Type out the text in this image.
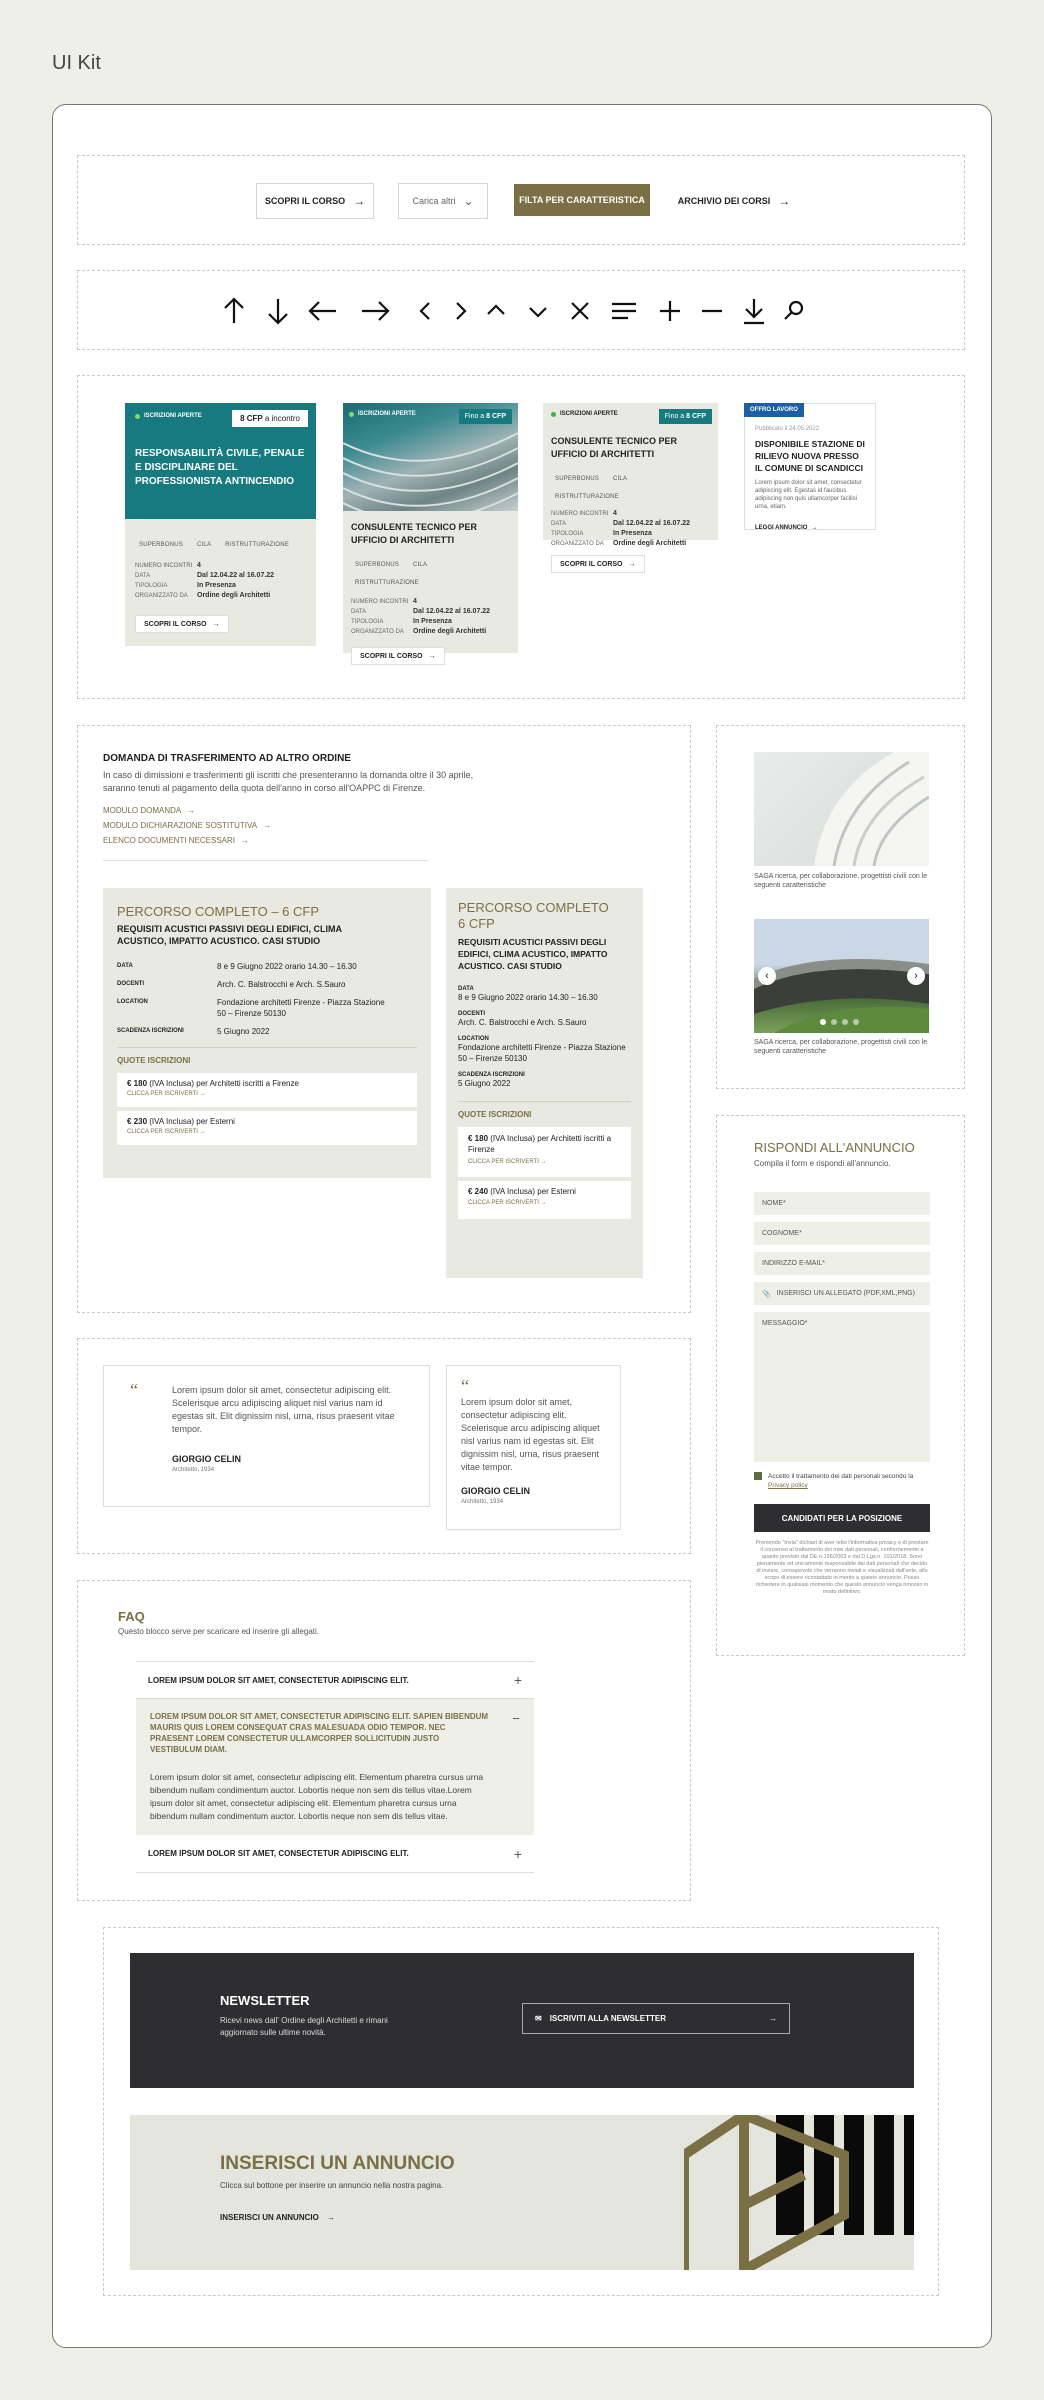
UI Kit
SCOPRI IL CORSO →	Carica altri ⌄	FILTA PER CARATTERISTICA	ARCHIVIO DEI CORSI →
ISCRIZIONI APERTE	8 CFP a incontro
RESPONSABILITÀ CIVILE, PENALE E DISCIPLINARE DEL PROFESSIONISTA ANTINCENDIO
SUPERBONUS CILA RISTRUTTURAZIONE
NUMERO INCONTRI 4
DATA	Dal 12.04.22 al 16.07.22
TIPOLOGIA	In Presenza
ORGANIZZATO DA	Ordine degli Architetti
SCOPRI IL CORSO →
ISCRIZIONI APERTE	Fino a 8 CFP
CONSULENTE TECNICO PER UFFICIO DI ARCHITETTI
SUPERBONUS CILARISTRUTTURAZIONE
NUMERO INCONTRI 4
DATA	Dal 12.04.22 al 16.07.22
TIPOLOGIA	In Presenza
ORGANIZZATO DA	Ordine degli Architetti
SCOPRI IL CORSO →
ISCRIZIONI APERTE	Fino a 8 CFP
CONSULENTE TECNICO PER UFFICIO DI ARCHITETTI
SUPERBONUS CILARISTRUTTURAZIONE
NUMERO INCONTRI 4
DATA	Dal 12.04.22 al 16.07.22
TIPOLOGIA	In Presenza
ORGANIZZATO DA	Ordine degli Architetti
SCOPRI IL CORSO →
OFFRO LAVORO
Pubblicato il 24.05.2022
DISPONIBILE STAZIONE DI RILIEVO NUOVA PRESSO IL COMUNE DI SCANDICCI
Lorem ipsum dolor sit amet, consectetur adipiscing elit. Egestas id faucibus adipiscing non quis ullamcorper facilisi urna, etiam.
LEGGI ANNUNCIO →
DOMANDA DI TRASFERIMENTO AD ALTRO ORDINE
In caso di dimissioni e trasferimenti gli iscritti che presenteranno la domanda oltre il 30 aprile, saranno tenuti al pagamento della quota dell'anno in corso all'OAPPC di Firenze.
MODULO DOMANDA →
MODULO DICHIARAZIONE SOSTITUTIVA →
ELENCO DOCUMENTI NECESSARI →
PERCORSO COMPLETO – 6 CFP
REQUISITI ACUSTICI PASSIVI DEGLI EDIFICI, CLIMA ACUSTICO, IMPATTO ACUSTICO. CASI STUDIO
DATA	8 e 9 Giugno 2022 orario 14.30 – 16.30
DOCENTI	Arch. C. Balstrocchi e Arch. S.Sauro
LOCATION	Fondazione architetti Firenze - Piazza Stazione 50 – Firenze 50130
SCADENZA ISCRIZIONI	5 Giugno 2022
QUOTE ISCRIZIONI
€ 180 (IVA Inclusa) per Architetti iscritti a Firenze
CLICCA PER ISCRIVERTI →
€ 230 (IVA Inclusa) per Esterni
CLICCA PER ISCRIVERTI →
PERCORSO COMPLETO
6 CFP
REQUISITI ACUSTICI PASSIVI DEGLI EDIFICI, CLIMA ACUSTICO, IMPATTO ACUSTICO. CASI STUDIO
DATA
8 e 9 Giugno 2022 orario 14.30 – 16.30
DOCENTI
Arch. C. Balstrocchi e Arch. S.Sauro
LOCATION
Fondazione architetti Firenze - Piazza Stazione 50 – Firenze 50130
SCADENZA ISCRIZIONI
5 Giugno 2022
QUOTE ISCRIZIONI
€ 180 (IVA Inclusa) per Architetti iscritti a Firenze
CLICCA PER ISCRIVERTI →
€ 240 (IVA Inclusa) per Esterni
CLICCA PER ISCRIVERTI →
SAGA ricerca, per collaborazione, progettisti civili con le seguenti caratteristiche
‹	›
SAGA ricerca, per collaborazione, progettisti civili con le seguenti caratteristiche
RISPONDI ALL'ANNUNCIO
Compila il form e rispondi all'annuncio.
NOME*
COGNOME*
INDIRIZZO E-MAIL*
📎 INSERISCI UN ALLEGATO (PDF,XML,PNG)
MESSAGGIO*
Accetto il trattamento dei dati personali secondo la Privacy policy
CANDIDATI PER LA POSIZIONE
Premendo "Invia" dichiari di aver letto l'informativa privacy e di prestare il consenso al trattamento dei miei dati personali, conformemente a quanto previsto dal DE n.196/2003 e dal D.Lgs.n. 101/2018. Sono pienamente ed unicamente responsabile dei dati personali che decido di inviare, consapevole che verranno inviati e visualizzati dall'ente, allo scopo di essere ricontattato in merito a questo annuncio. Posso richiedere in qualsiasi momento che questo annuncio venga rimosso in modo definitivo.
“	Lorem ipsum dolor sit amet, consectetur adipiscing elit. Scelerisque arcu adipiscing aliquet nisl varius nam id egestas sit. Elit dignissim nisl, urna, risus praesent vitae tempor.
GIORGIO CELIN
Architetto, 1934
“
Lorem ipsum dolor sit amet, consectetur adipiscing elit. Scelerisque arcu adipiscing aliquet nisl varius nam id egestas sit. Elit dignissim nisl, urna, risus praesent vitae tempor.
GIORGIO CELIN
Architetto, 1934
FAQ
Questo blocco serve per scaricare ed inserire gli allegati.
LOREM IPSUM DOLOR SIT AMET, CONSECTETUR ADIPISCING ELIT.	+
LOREM IPSUM DOLOR SIT AMET, CONSECTETUR ADIPISCING ELIT. SAPIEN BIBENDUM MAURIS QUIS LOREM CONSEQUAT CRAS MALESUADA ODIO TEMPOR. NEC PRAESENT LOREM CONSECTETUR ULLAMCORPER SOLLICITUDIN JUSTO VESTIBULUM DIAM.
−
Lorem ipsum dolor sit amet, consectetur adipiscing elit. Elementum pharetra cursus urna bibendum nullam condimentum auctor. Lobortis neque non sem dis tellus vitae.Lorem ipsum dolor sit amet, consectetur adipiscing elit. Elementum pharetra cursus urna bibendum nullam condimentum auctor. Lobortis neque non sem dis tellus vitae.
LOREM IPSUM DOLOR SIT AMET, CONSECTETUR ADIPISCING ELIT.	+
NEWSLETTER
Ricevi news dall' Ordine degli Architetti e rimani aggiornato sulle ultime novità.
✉ ISCRIVITI ALLA NEWSLETTER	→
INSERISCI UN ANNUNCIO
Clicca sul bottone per inserire un annuncio nella nostra pagina.
INSERISCI UN ANNUNCIO →
